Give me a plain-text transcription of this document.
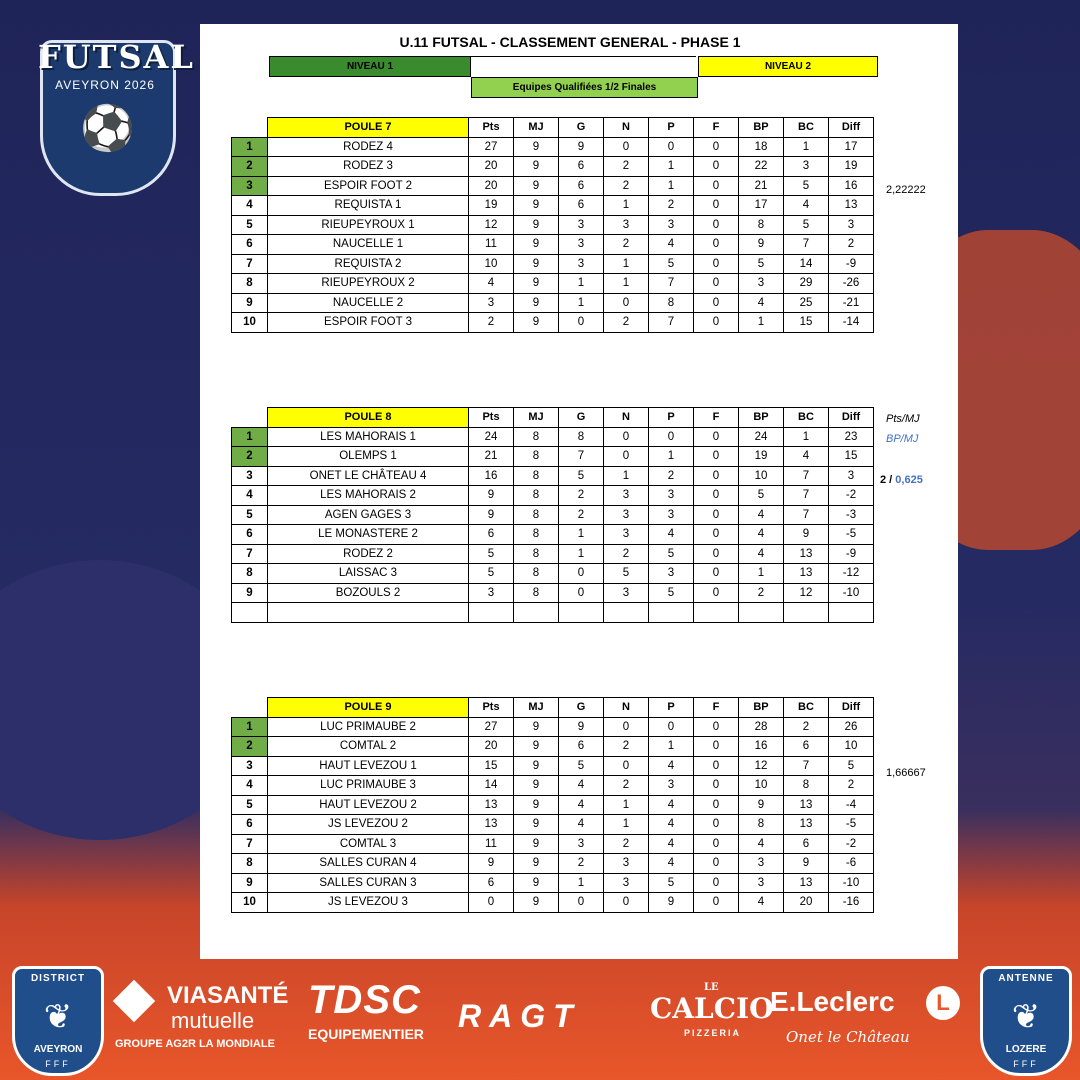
FUTSAL
AVEYRON 2026
⚽
U.11 FUTSAL - CLASSEMENT GENERAL - PHASE 1
NIVEAU 1	NIVEAU 2
Equipes Qualifiées 1/2 Finales
	POULE 7	Pts	MJ	G	N	P	F	BP	BC	Diff
1	RODEZ 4	27	9	9	0	0	0	18	1	17
2	RODEZ 3	20	9	6	2	1	0	22	3	19
3	ESPOIR FOOT 2	20	9	6	2	1	0	21	5	16
4	REQUISTA 1	19	9	6	1	2	0	17	4	13
5	RIEUPEYROUX 1	12	9	3	3	3	0	8	5	3
6	NAUCELLE 1	11	9	3	2	4	0	9	7	2
7	REQUISTA 2	10	9	3	1	5	0	5	14	-9
8	RIEUPEYROUX 2	4	9	1	1	7	0	3	29	-26
9	NAUCELLE 2	3	9	1	0	8	0	4	25	-21
10	ESPOIR FOOT 3	2	9	0	2	7	0	1	15	-14
	POULE 8	Pts	MJ	G	N	P	F	BP	BC	Diff
1	LES MAHORAIS 1	24	8	8	0	0	0	24	1	23
2	OLEMPS 1	21	8	7	0	1	0	19	4	15
3	ONET LE CHÂTEAU 4	16	8	5	1	2	0	10	7	3
4	LES MAHORAIS 2	9	8	2	3	3	0	5	7	-2
5	AGEN GAGES 3	9	8	2	3	3	0	4	7	-3
6	LE MONASTERE 2	6	8	1	3	4	0	4	9	-5
7	RODEZ 2	5	8	1	2	5	0	4	13	-9
8	LAISSAC 3	5	8	0	5	3	0	1	13	-12
9	BOZOULS 2	3	8	0	3	5	0	2	12	-10

	POULE 9	Pts	MJ	G	N	P	F	BP	BC	Diff
1	LUC PRIMAUBE 2	27	9	9	0	0	0	28	2	26
2	COMTAL 2	20	9	6	2	1	0	16	6	10
3	HAUT LEVEZOU 1	15	9	5	0	4	0	12	7	5
4	LUC PRIMAUBE 3	14	9	4	2	3	0	10	8	2
5	HAUT LEVEZOU 2	13	9	4	1	4	0	9	13	-4
6	JS LEVEZOU 2	13	9	4	1	4	0	8	13	-5
7	COMTAL 3	11	9	3	2	4	0	4	6	-2
8	SALLES CURAN 4	9	9	2	3	4	0	3	9	-6
9	SALLES CURAN 3	6	9	1	3	5	0	3	13	-10
10	JS LEVEZOU 3	0	9	0	0	9	0	4	20	-16
2,22222
Pts/MJ
BP/MJ
2 / 0,625
1,66667
DISTRICT
❦
AVEYRON
FFF
VIASANTÉ
mutuelle
GROUPE AG2R LA MONDIALE
TDSC
EQUIPEMENTIER RAGT
LE
CALCIO
PIZZERIA
E.Leclerc	L
Onet le Château
ANTENNE
❦
LOZERE
FFF
